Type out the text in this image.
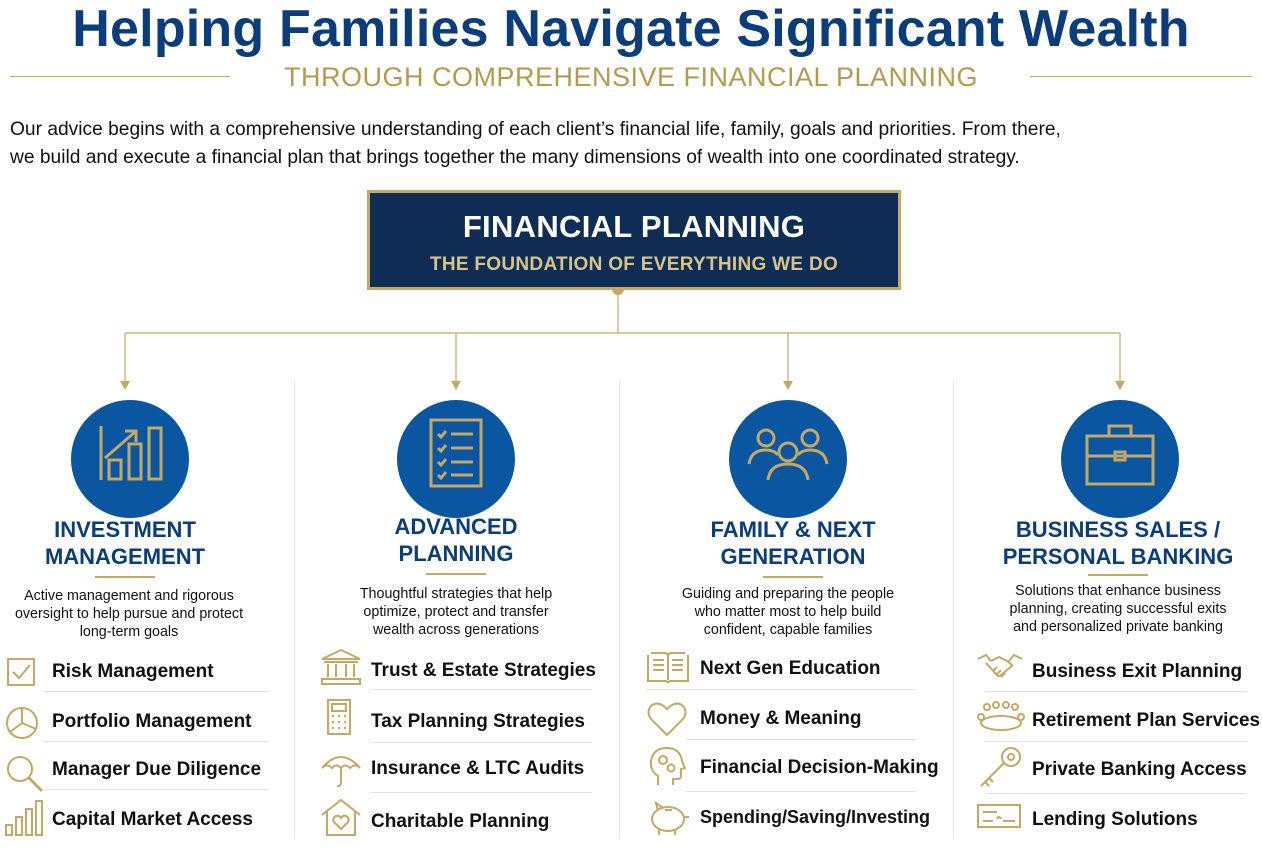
Helping Families Navigate Significant Wealth
THROUGH COMPREHENSIVE FINANCIAL PLANNING
Our advice begins with a comprehensive understanding of each client’s financial life, family, goals and priorities. From there,
we build and execute a financial plan that brings together the many dimensions of wealth into one coordinated strategy.
FINANCIAL PLANNING
THE FOUNDATION OF EVERYTHING WE DO
INVESTMENT
MANAGEMENT
Active management and rigorous
oversight to help pursue and protect
long-term goals
Risk Management
Portfolio Management
Manager Due Diligence
Capital Market Access
ADVANCED
PLANNING
Thoughtful strategies that help
optimize, protect and transfer
wealth across generations
Trust & Estate Strategies
Tax Planning Strategies
Insurance & LTC Audits
Charitable Planning
FAMILY & NEXT
GENERATION
Guiding and preparing the people
who matter most to help build
confident, capable families
Next Gen Education
Money & Meaning
Financial Decision-Making
Spending/Saving/Investing
BUSINESS SALES /
PERSONAL BANKING
Solutions that enhance business
planning, creating successful exits
and personalized private banking
Business Exit Planning
Retirement Plan Services
Private Banking Access
Lending Solutions
